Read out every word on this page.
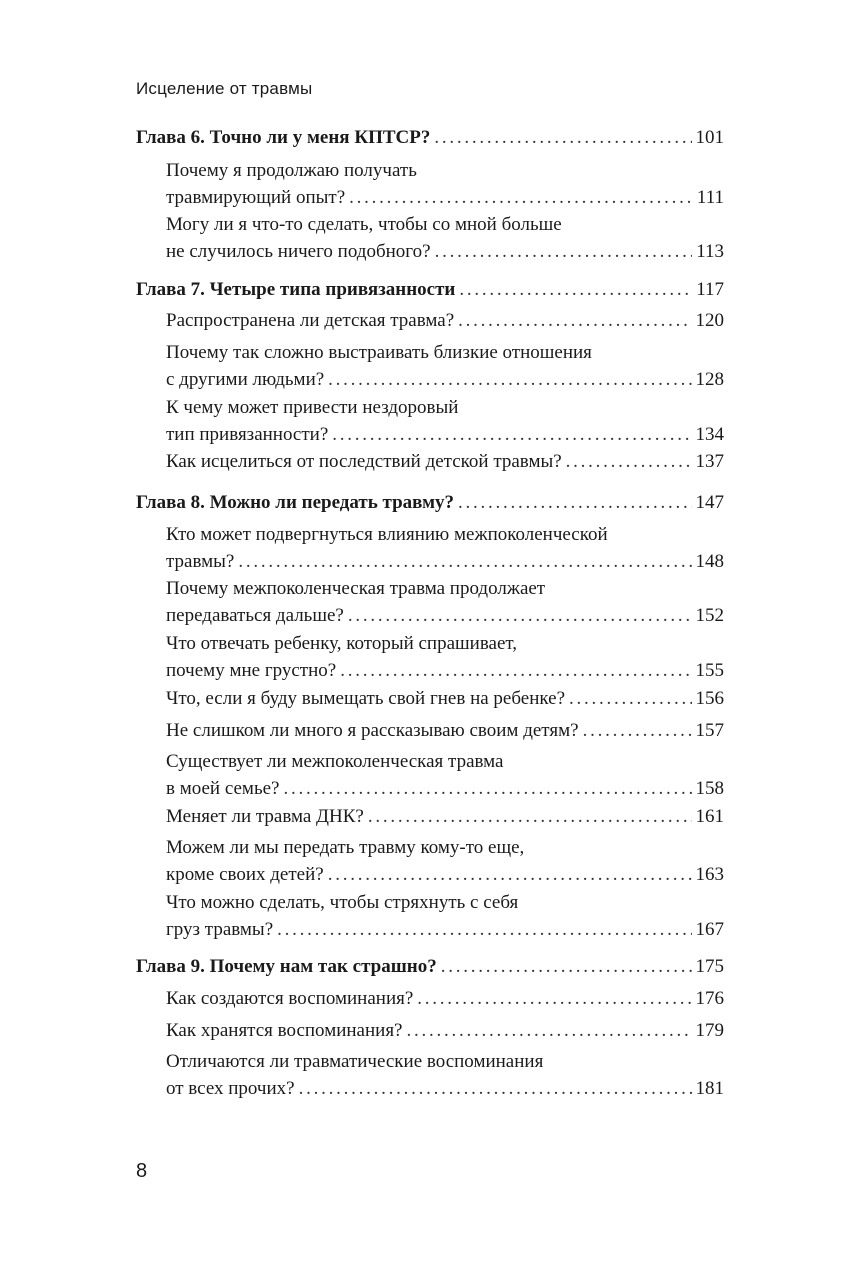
Исцеление от травмы
Глава 6. Точно ли у меня КПТСР? . . .	101
Почему я продолжаю получать
травмирующий опыт? . . .	111
Могу ли я что-то сделать, чтобы со мной больше
не случилось ничего подобного? . . .	113
Глава 7. Четыре типа привязанности . . .	117
Распространена ли детская травма? . . .	120
Почему так сложно выстраивать близкие отношения
с другими людьми? . . .	128
К чему может привести нездоровый
тип привязанности? . . .	134
Как исцелиться от последствий детской травмы? . . .	137
Глава 8. Можно ли передать травму? . . .	147
Кто может подвергнуться влиянию межпоколенческой
травмы? . . .	148
Почему межпоколенческая травма продолжает
передаваться дальше? . . .	152
Что отвечать ребенку, который спрашивает,
почему мне грустно? . . .	155
Что, если я буду вымещать свой гнев на ребенке? . . .	156
Не слишком ли много я рассказываю своим детям? . . .	157
Существует ли межпоколенческая травма
в моей семье? . . .	158
Меняет ли травма ДНК? . . .	161
Можем ли мы передать травму кому-то еще,
кроме своих детей? . . .	163
Что можно сделать, чтобы стряхнуть с себя
груз травмы? . . .	167
Глава 9. Почему нам так страшно? . . .	175
Как создаются воспоминания? . . .	176
Как хранятся воспоминания? . . .	179
Отличаются ли травматические воспоминания
от всех прочих? . . .	181
8
